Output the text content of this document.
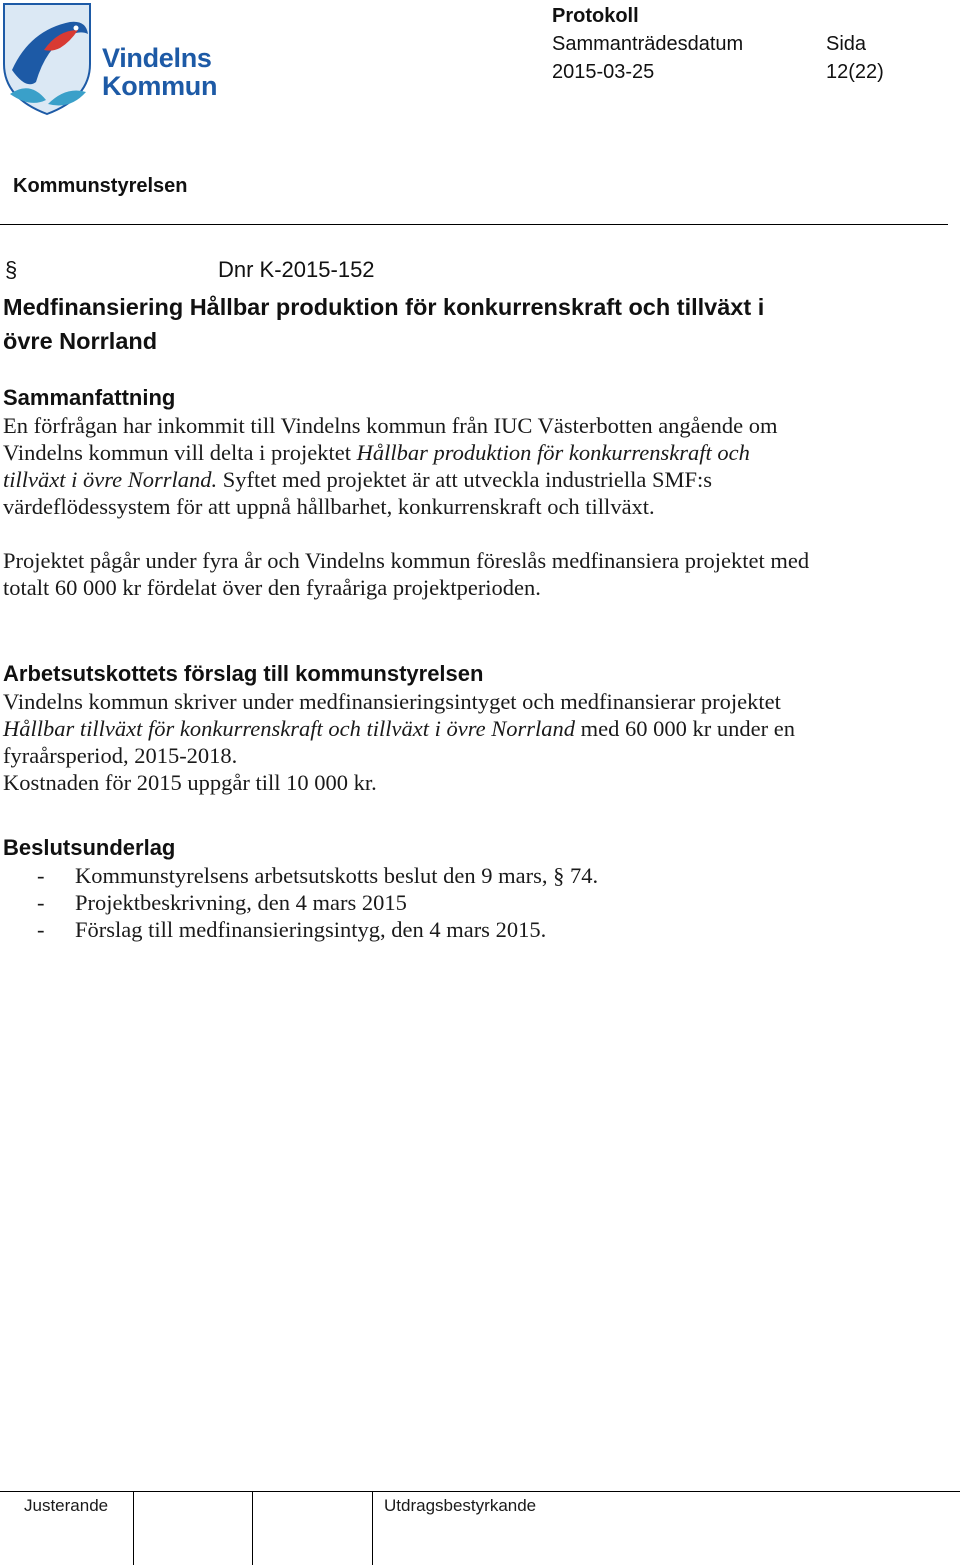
Vindelns
Kommun
Protokoll
Sammanträdesdatum
2015-03-25
Sida
12(22)
Kommunstyrelsen
§	Dnr K-2015-152

Medfinansiering Hållbar produktion för konkurrenskraft och tillväxt i

övre Norrland

Sammanfattning

En förfrågan har inkommit till Vindelns kommun från IUC Västerbotten angående om Vindelns kommun vill delta i projektet Hållbar produktion för konkurrenskraft och tillväxt i övre Norrland. Syftet med projektet är att utveckla industriella SMF:s värdeflödessystem för att uppnå hållbarhet, konkurrenskraft och tillväxt.

Projektet pågår under fyra år och Vindelns kommun föreslås medfinansiera projektet med totalt 60 000 kr fördelat över den fyraåriga projektperioden.

Arbetsutskottets förslag till kommunstyrelsen

Vindelns kommun skriver under medfinansieringsintyget och medfinansierar projektet Hållbar tillväxt för konkurrenskraft och tillväxt i övre Norrland med 60 000 kr under en fyraårsperiod, 2015-2018.

Kostnaden för 2015 uppgår till 10 000 kr.

Beslutsunderlag

-	Kommunstyrelsens arbetsutskotts beslut den 9 mars, § 74.
-	Projektbeskrivning, den 4 mars 2015
-	Förslag till medfinansieringsintyg, den 4 mars 2015.
Justerande	Utdragsbestyrkande
